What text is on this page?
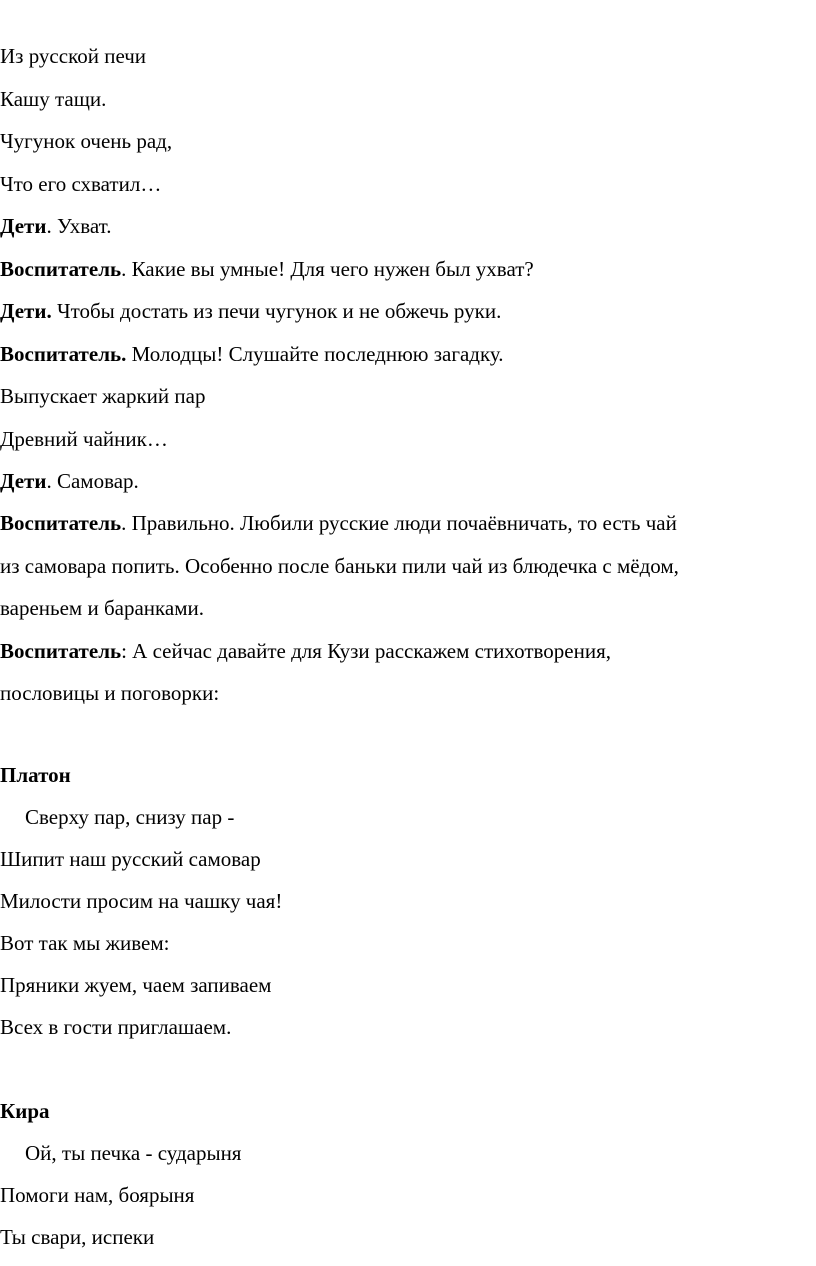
Из русской печи
Кашу тащи.
Чугунок очень рад,
Что его схватил…
Дети. Ухват.
Воспитатель. Какие вы умные! Для чего нужен был ухват?
Дети. Чтобы достать из печи чугунок и не обжечь руки.
Воспитатель. Молодцы! Слушайте последнюю загадку.
Выпускает жаркий пар
Древний чайник…
Дети. Самовар.
Воспитатель. Правильно. Любили русские люди почаёвничать, то есть чай
из самовара попить. Особенно после баньки пили чай из блюдечка с мёдом,
вареньем и баранками.
Воспитатель: А сейчас давайте для Кузи расскажем стихотворения,
пословицы и поговорки:
Платон
Сверху пар, снизу пар -
Шипит наш русский самовар
Милости просим на чашку чая!
Вот так мы живем:
Пряники жуем, чаем запиваем
Всех в гости приглашаем.
Кира
Ой, ты печка - сударыня
Помоги нам, боярыня
Ты свари, испеки
